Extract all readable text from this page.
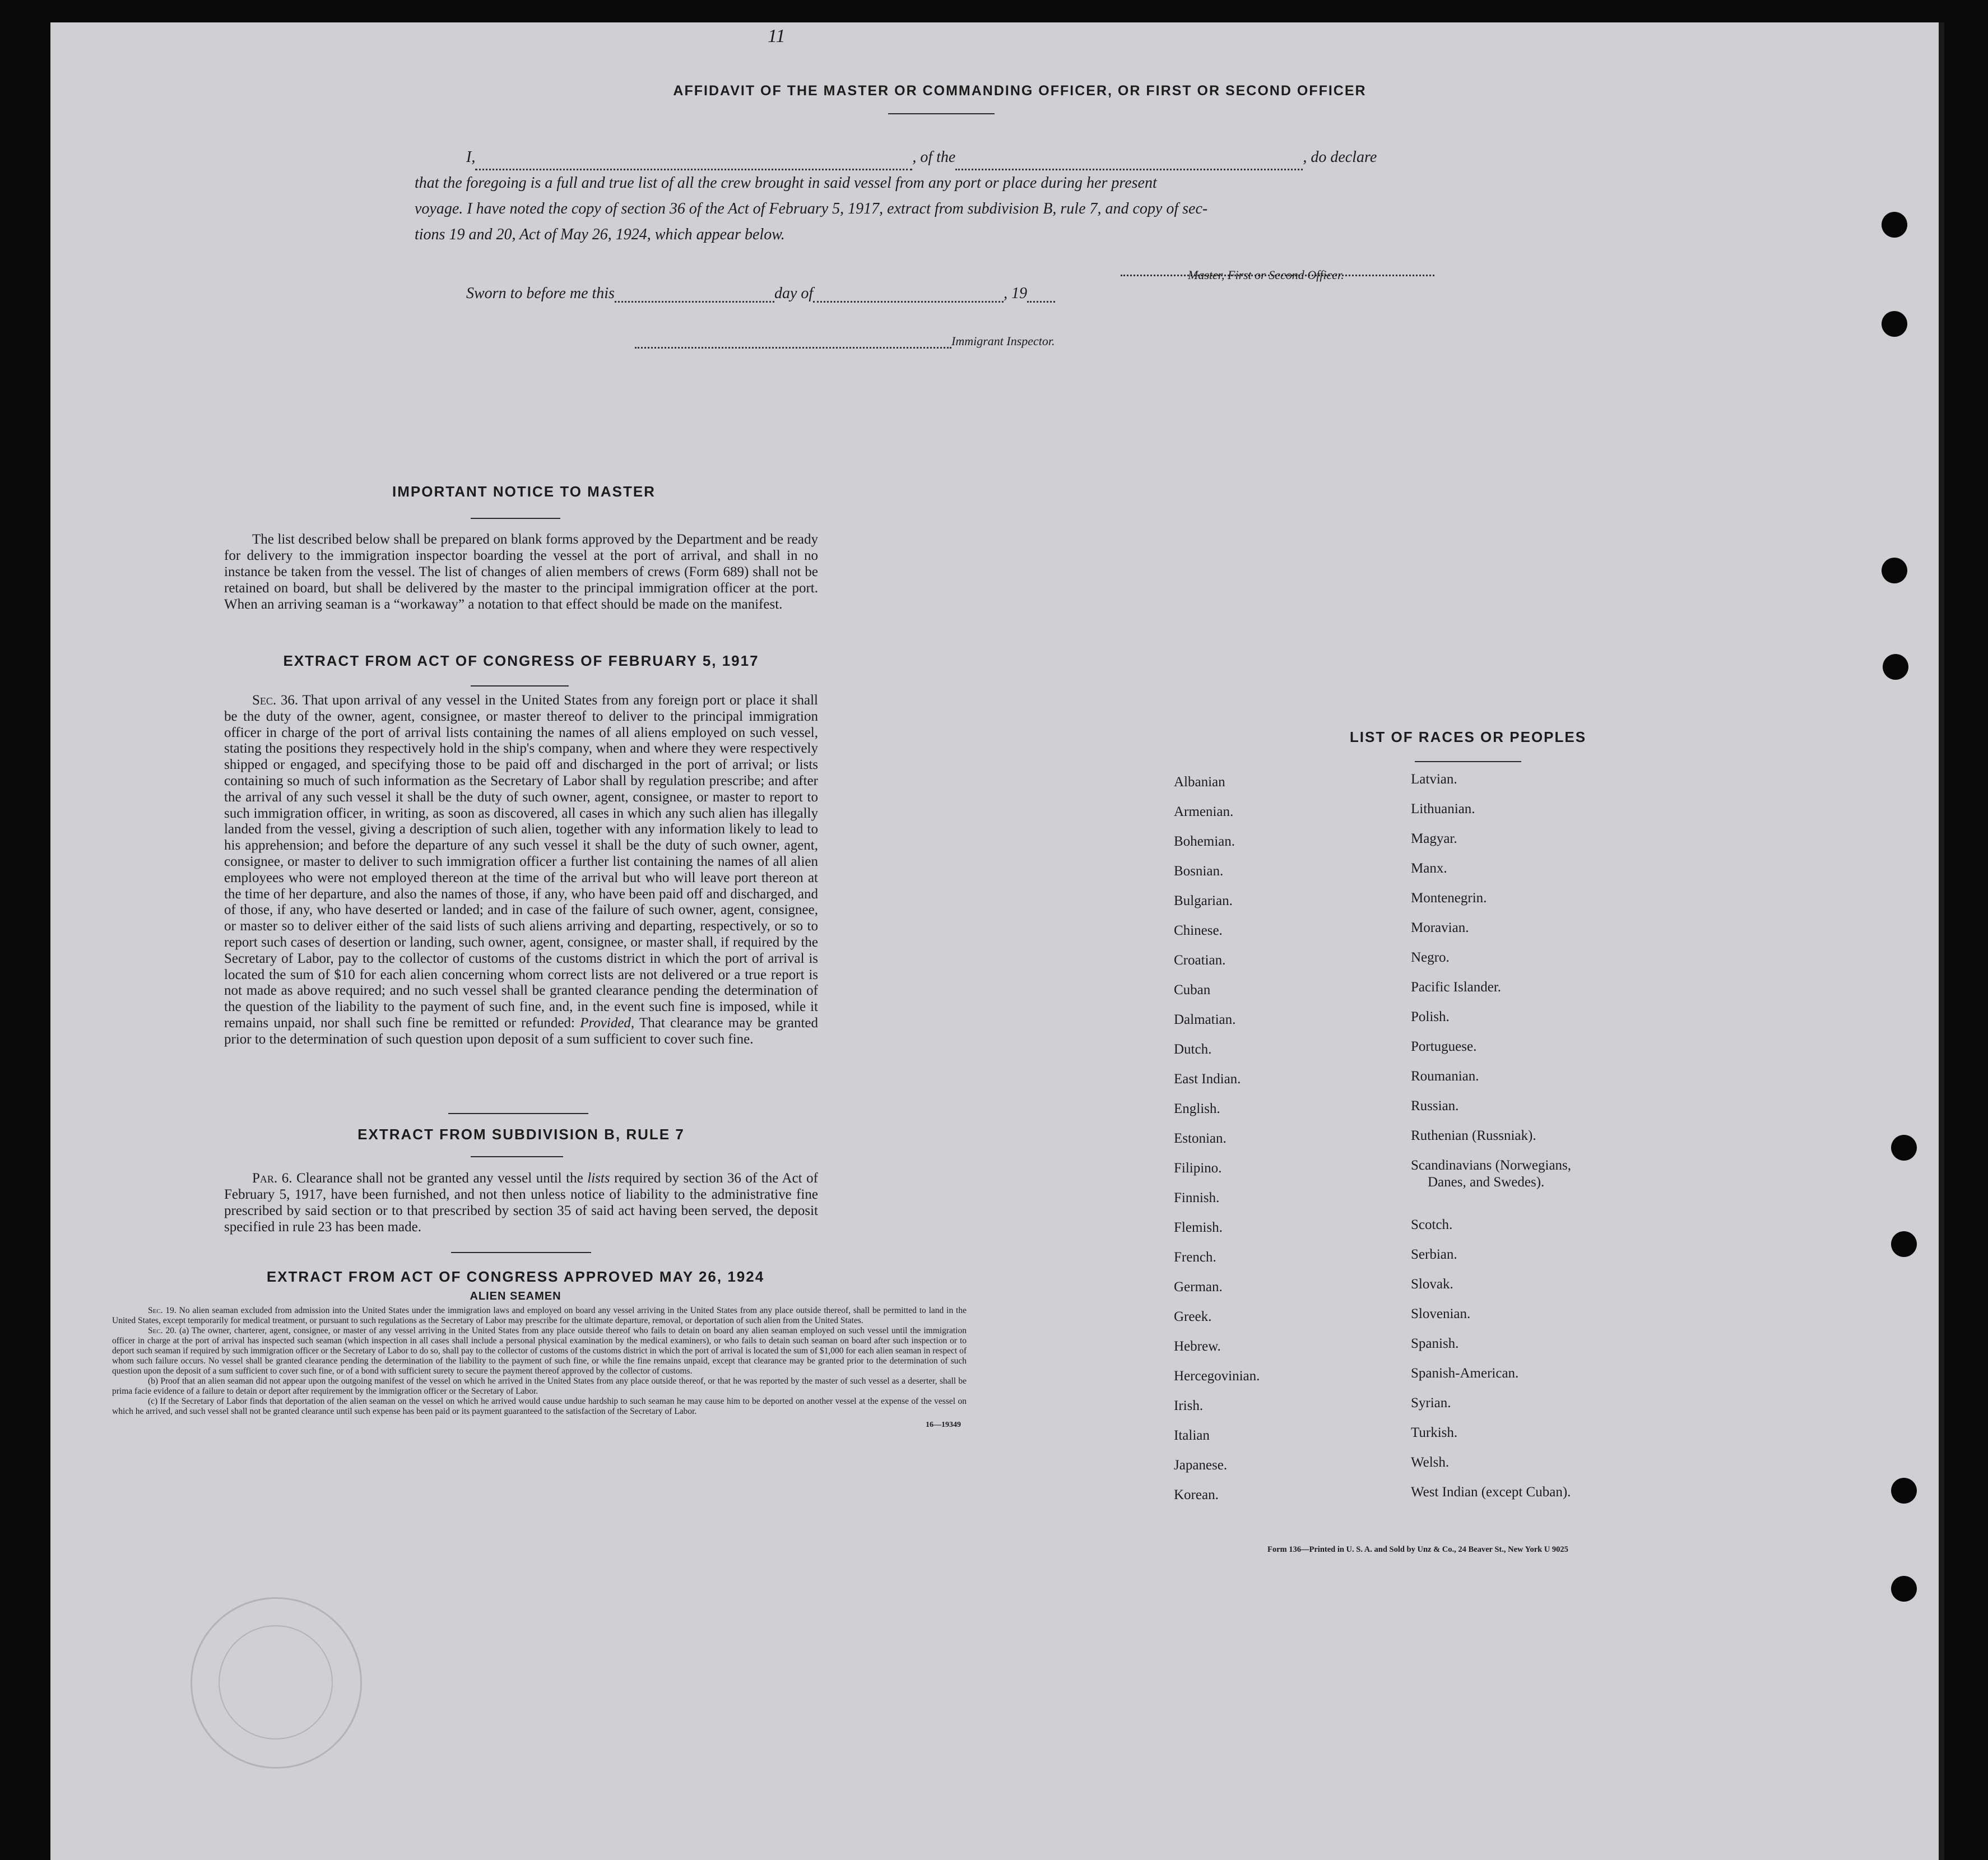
11
AFFIDAVIT OF THE MASTER OR COMMANDING OFFICER, OR FIRST OR SECOND OFFICER
I,	, of the	, do declare
that the foregoing is a full and true list of all the crew brought in said vessel from any port or place during her present
voyage. I have noted the copy of section 36 of the Act of February 5, 1917, extract from subdivision B, rule 7, and copy of sec-
tions 19 and 20, Act of May 26, 1924, which appear below.
Master, First or Second Officer.
Sworn to before me this	day of	, 19
Immigrant Inspector.
IMPORTANT NOTICE TO MASTER
The list described below shall be prepared on blank forms approved by the Department and be ready for delivery to the immigration inspector boarding the vessel at the port of arrival, and shall in no instance be taken from the vessel. The list of changes of alien members of crews (Form 689) shall not be retained on board, but shall be delivered by the master to the principal immigration officer at the port. When an arriving seaman is a “workaway” a notation to that effect should be made on the manifest.
EXTRACT FROM ACT OF CONGRESS OF FEBRUARY 5, 1917
Sec. 36. That upon arrival of any vessel in the United States from any foreign port or place it shall be the duty of the owner, agent, consignee, or master thereof to deliver to the principal immigration officer in charge of the port of arrival lists containing the names of all aliens employed on such vessel, stating the positions they respectively hold in the ship's company, when and where they were respectively shipped or engaged, and specifying those to be paid off and discharged in the port of arrival; or lists containing so much of such information as the Secretary of Labor shall by regulation prescribe; and after the arrival of any such vessel it shall be the duty of such owner, agent, consignee, or master to report to such immigration officer, in writing, as soon as discovered, all cases in which any such alien has illegally landed from the vessel, giving a description of such alien, together with any information likely to lead to his apprehension; and before the departure of any such vessel it shall be the duty of such owner, agent, consignee, or master to deliver to such immigration officer a further list containing the names of all alien employees who were not employed thereon at the time of the arrival but who will leave port thereon at the time of her departure, and also the names of those, if any, who have been paid off and discharged, and of those, if any, who have deserted or landed; and in case of the failure of such owner, agent, consignee, or master so to deliver either of the said lists of such aliens arriving and departing, respectively, or so to report such cases of desertion or landing, such owner, agent, consignee, or master shall, if required by the Secretary of Labor, pay to the collector of customs of the customs district in which the port of arrival is located the sum of $10 for each alien concerning whom correct lists are not delivered or a true report is not made as above required; and no such vessel shall be granted clearance pending the determination of the question of the liability to the payment of such fine, and, in the event such fine is imposed, while it remains unpaid, nor shall such fine be remitted or refunded: Provided, That clearance may be granted prior to the determination of such question upon deposit of a sum sufficient to cover such fine.
EXTRACT FROM SUBDIVISION B, RULE 7
Par. 6. Clearance shall not be granted any vessel until the lists required by section 36 of the Act of February 5, 1917, have been furnished, and not then unless notice of liability to the administrative fine prescribed by said section or to that prescribed by section 35 of said act having been served, the deposit specified in rule 23 has been made.
EXTRACT FROM ACT OF CONGRESS APPROVED MAY 26, 1924
ALIEN SEAMEN
Sec. 19. No alien seaman excluded from admission into the United States under the immigration laws and employed on board any vessel arriving in the United States from any place outside thereof, shall be permitted to land in the United States, except temporarily for medical treatment, or pursuant to such regulations as the Secretary of Labor may prescribe for the ultimate departure, removal, or deportation of such alien from the United States.
Sec. 20. (a) The owner, charterer, agent, consignee, or master of any vessel arriving in the United States from any place outside thereof who fails to detain on board any alien seaman employed on such vessel until the immigration officer in charge at the port of arrival has inspected such seaman (which inspection in all cases shall include a personal physical examination by the medical examiners), or who fails to detain such seaman on board after such inspection or to deport such seaman if required by such immigration officer or the Secretary of Labor to do so, shall pay to the collector of customs of the customs district in which the port of arrival is located the sum of $1,000 for each alien seaman in respect of whom such failure occurs. No vessel shall be granted clearance pending the determination of the liability to the payment of such fine, or while the fine remains unpaid, except that clearance may be granted prior to the determination of such question upon the deposit of a sum sufficient to cover such fine, or of a bond with sufficient surety to secure the payment thereof approved by the collector of customs.
(b) Proof that an alien seaman did not appear upon the outgoing manifest of the vessel on which he arrived in the United States from any place outside thereof, or that he was reported by the master of such vessel as a deserter, shall be prima facie evidence of a failure to detain or deport after requirement by the immigration officer or the Secretary of Labor.
(c) If the Secretary of Labor finds that deportation of the alien seaman on the vessel on which he arrived would cause undue hardship to such seaman he may cause him to be deported on another vessel at the expense of the vessel on which he arrived, and such vessel shall not be granted clearance until such expense has been paid or its payment guaranteed to the satisfaction of the Secretary of Labor.
16—19349
LIST OF RACES OR PEOPLES
Albanian
Armenian.
Bohemian.
Bosnian.
Bulgarian.
Chinese.
Croatian.
Cuban
Dalmatian.
Dutch.
East Indian.
English.
Estonian.
Filipino.
Finnish.
Flemish.
French.
German.
Greek.
Hebrew.
Hercegovinian.
Irish.
Italian
Japanese.
Korean.
Latvian.
Lithuanian.
Magyar.
Manx.
Montenegrin.
Moravian.
Negro.
Pacific Islander.
Polish.
Portuguese.
Roumanian.
Russian.
Ruthenian (Russniak).
Scandinavians (Norwegians,
Danes, and Swedes).
Scotch.
Serbian.
Slovak.
Slovenian.
Spanish.
Spanish-American.
Syrian.
Turkish.
Welsh.
West Indian (except Cuban).
Form 136—Printed in U. S. A. and Sold by Unz & Co., 24 Beaver St., New York U 9025
